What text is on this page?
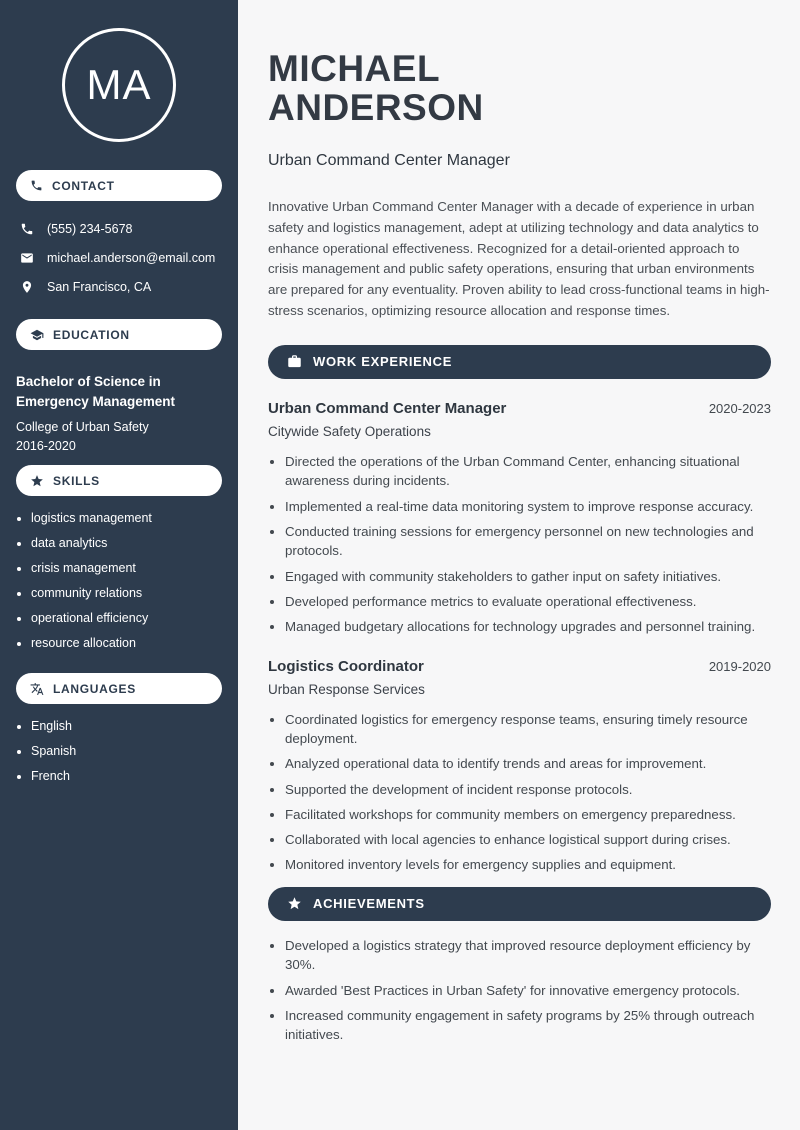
MA
CONTACT
(555) 234-5678
michael.anderson@email.com
San Francisco, CA
EDUCATION
Bachelor of Science in Emergency Management
College of Urban Safety
2016-2020
SKILLS
• logistics management
• data analytics
• crisis management
• community relations
• operational efficiency
• resource allocation
LANGUAGES
• English
• Spanish
• French
MICHAEL
ANDERSON
Urban Command Center Manager

Innovative Urban Command Center Manager with a decade of experience in urban safety and logistics management, adept at utilizing technology and data analytics to enhance operational effectiveness. Recognized for a detail-oriented approach to crisis management and public safety operations, ensuring that urban environments are prepared for any eventuality. Proven ability to lead cross-functional teams in high-stress scenarios, optimizing resource allocation and response times.

WORK EXPERIENCE
Urban Command Center Manager	2020-2023
Citywide Safety Operations
• Directed the operations of the Urban Command Center, enhancing situational awareness during incidents.
• Implemented a real-time data monitoring system to improve response accuracy.
• Conducted training sessions for emergency personnel on new technologies and protocols.
• Engaged with community stakeholders to gather input on safety initiatives.
• Developed performance metrics to evaluate operational effectiveness.
• Managed budgetary allocations for technology upgrades and personnel training.
Logistics Coordinator	2019-2020
Urban Response Services
• Coordinated logistics for emergency response teams, ensuring timely resource deployment.
• Analyzed operational data to identify trends and areas for improvement.
• Supported the development of incident response protocols.
• Facilitated workshops for community members on emergency preparedness.
• Collaborated with local agencies to enhance logistical support during crises.
• Monitored inventory levels for emergency supplies and equipment.
ACHIEVEMENTS
• Developed a logistics strategy that improved resource deployment efficiency by 30%.
• Awarded 'Best Practices in Urban Safety' for innovative emergency protocols.
• Increased community engagement in safety programs by 25% through outreach initiatives.
